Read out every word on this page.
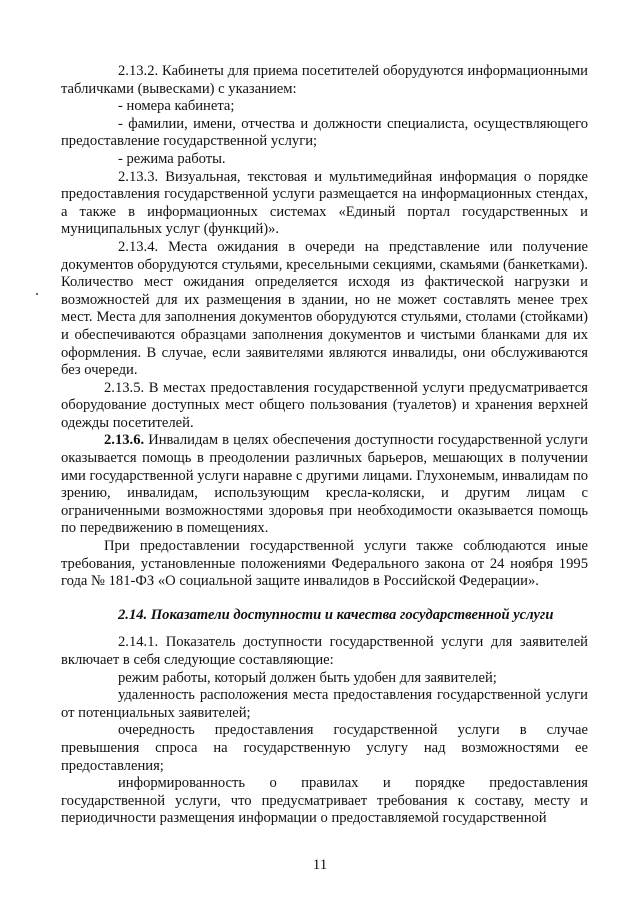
2.13.2. Кабинеты для приема посетителей оборудуются информационными табличками (вывесками) с указанием:

- номера кабинета;

- фамилии, имени, отчества и должности специалиста, осуществляющего предоставление государственной услуги;

- режима работы.

2.13.3. Визуальная, текстовая и мультимедийная информация о порядке предоставления государственной услуги размещается на информационных стендах, а также в информационных системах «Единый портал государственных и муниципальных услуг (функций)».

2.13.4. Места ожидания в очереди на представление или получение документов оборудуются стульями, кресельными секциями, скамьями (банкетками). Количество мест ожидания определяется исходя из фактической нагрузки и возможностей для их размещения в здании, но не может составлять менее трех мест. Места для заполнения документов оборудуются стульями, столами (стойками) и обеспечиваются образцами заполнения документов и чистыми бланками для их оформления. В случае, если заявителями являются инвалиды, они обслуживаются без очереди.

2.13.5. В местах предоставления государственной услуги предусматривается оборудование доступных мест общего пользования (туалетов) и хранения верхней одежды посетителей.

2.13.6. Инвалидам в целях обеспечения доступности государственной услуги оказывается помощь в преодолении различных барьеров, мешающих в получении ими государственной услуги наравне с другими лицами. Глухонемым, инвалидам по зрению, инвалидам, использующим кресла-коляски, и другим лицам с ограниченными возможностями здоровья при необходимости оказывается помощь по передвижению в помещениях.

При предоставлении государственной услуги также соблюдаются иные требования, установленные положениями Федерального закона от 24 ноября 1995 года № 181-ФЗ «О социальной защите инвалидов в Российской Федерации».

2.14. Показатели доступности и качества государственной услуги

2.14.1. Показатель доступности государственной услуги для заявителей включает в себя следующие составляющие:

режим работы, который должен быть удобен для заявителей;

удаленность расположения места предоставления государственной услуги от потенциальных заявителей;

очередность предоставления государственной услуги в случае превышения спроса на государственную услугу над возможностями ее предоставления;

информированность о правилах и порядке предоставления государственной услуги, что предусматривает требования к составу, месту и периодичности размещения информации о предоставляемой государственной

11
